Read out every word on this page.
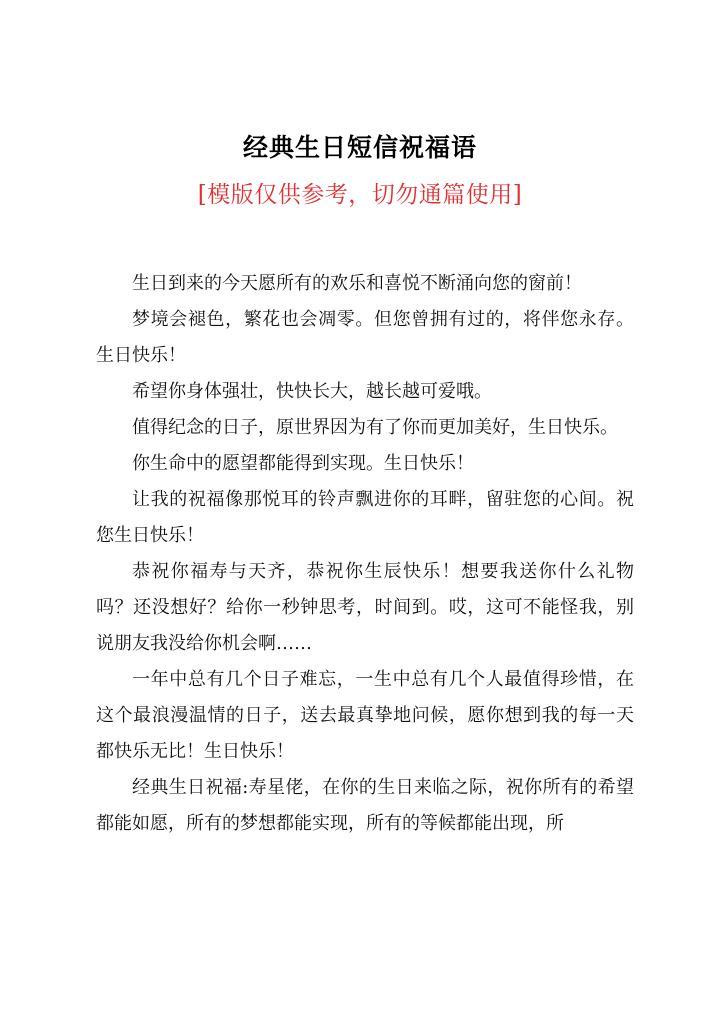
经典生日短信祝福语
[模版仅供参考，切勿通篇使用]

生日到来的今天愿所有的欢乐和喜悦不断涌向您的窗前！

梦境会褪色，繁花也会凋零。但您曾拥有过的，将伴您永存。生日快乐！

希望你身体强壮，快快长大，越长越可爱哦。

值得纪念的日子，原世界因为有了你而更加美好，生日快乐。

你生命中的愿望都能得到实现。生日快乐！

让我的祝福像那悦耳的铃声飘进你的耳畔，留驻您的心间。祝您生日快乐！

恭祝你福寿与天齐，恭祝你生辰快乐！想要我送你什么礼物吗？还没想好？给你一秒钟思考，时间到。哎，这可不能怪我，别说朋友我没给你机会啊……

一年中总有几个日子难忘，一生中总有几个人最值得珍惜，在这个最浪漫温情的日子，送去最真挚地问候，愿你想到我的每一天都快乐无比！生日快乐！

经典生日祝福:寿星佬，在你的生日来临之际，祝你所有的希望都能如愿，所有的梦想都能实现，所有的等候都能出现，所
